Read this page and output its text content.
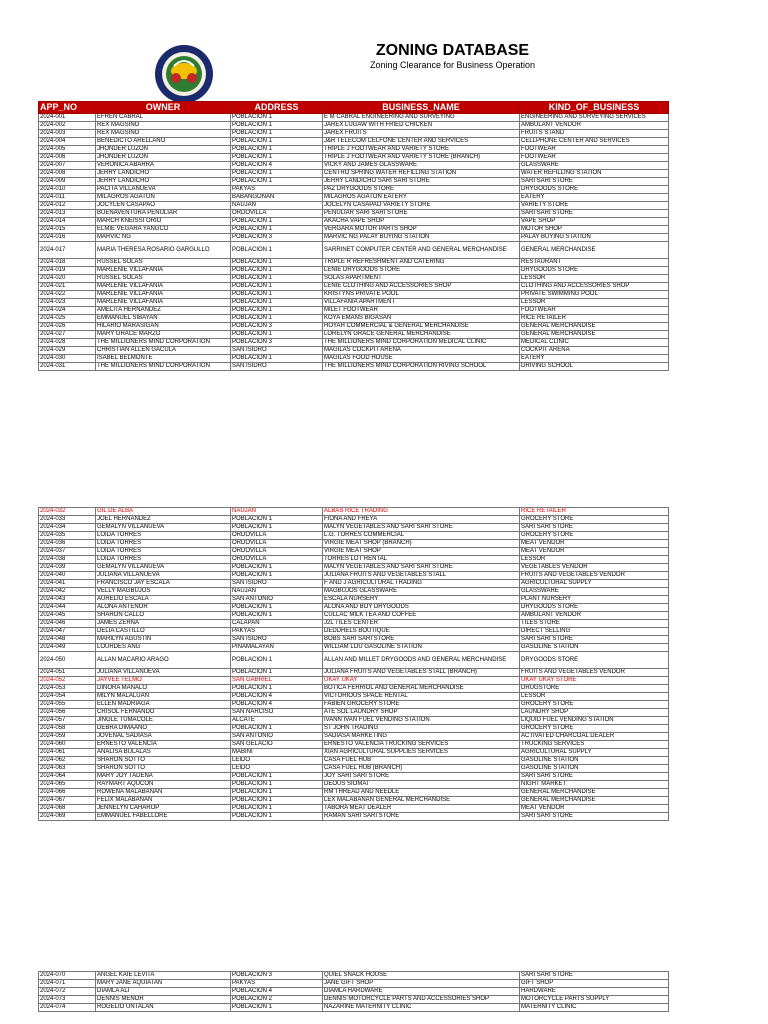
ZONING DATABASE
Zoning Clearance for Business Operation
APP_NO	OWNER	ADDRESS	BUSINESS_NAME	KIND_OF_BUSINESS
2024-001	EFREN CABRAL	POBLACION 1	E M CABRAL ENGINEERING AND SURVEYING	ENGINEERING AND SURVEYING SERVICES
2024-002	REX MAGSINO	POBLACION 1	JAREX LUGAW WITH FRIED CHICKEN	AMBULANT VENDOR
2024-003	REX MAGSINO	POBLACION 1	JAREX FRUITS	FRUITS STAND
2024-004	BENEDICTO ARELLANO	POBLACION 1	J&R TELECOM CELFONE CENTER AND SERVICES	CELLPHONE CENTER AND SERVICES
2024-005	JHONDER LUZON	POBLACION 1	TRIPLE J FOOTWEAR AND VARIETY STORE	FOOTWEAR
2024-006	JHONDER LUZON	POBLACION 1	TRIPLE J FOOTWEAR AND VARIETY STORE (BRANCH)	FOOTWEAR
2024-007	VERONICA ABARRA	POBLACION 4	VICKY AND JAMES GLASSWARE	GLASSWARE
2024-008	JERRY LANDICHO	POBLACION 1	CENTRO SPRING WATER REFILLING STATION	WATER REFILLING STATION
2024-009	JERRY LANDICHO	POBLACION 1	JERRY LANDICHO SARI SARI STORE	SARI SARI STORE
2024-010	PACITA VILLANUEVA	PAKYAS	PAZ DRYGOODS STORE	DRYGOODS STORE
2024-011	MILAGROS AGATON	BABANGONAN	MILAGROS AGATON EATERY	EATERY
2024-012	JOCYLEN CASAPAO	NAUJAN	JOCELYN CASAPAO VARIETY STORE	VARIETY STORE
2024-013	BUENAVENTURA PENULIAR	ORDOVILLA	PENULIAR SARI SARI STORE	SARI SARI STORE
2024-014	MARCH KNEISSI ORIO	POBLACION 1	AKACHA VAPE SHOP	VAPE SHOP
2024-015	ELMIE VEGARA YANGCO	POBLACION 1	VERGARA MOTOR PARTS SHOP	MOTOR SHOP
2024-016	MARVIC NG	POBLACION 3	MARVIC NG PALAY BUYING STATION	PALAY BUYING STATION
2024-017	MARIA THERESA ROSARIO GARGULLO	POBLACION 1	SARRINET COMPUTER CENTER AND GENERAL MERCHANDISE	GENERAL MERCHANDISE
2024-018	RUSSEL SOLAS	POBLACION 1	TRIPLE R REFRESHMENT AND CATERING	RESTAURANT
2024-019	MARLENIE VILLAFANIA	POBLACION 1	LENIE DRYGOODS STORE	DRYGOODS STORE
2024-020	RUSSEL SOLAS	POBLACION 1	SOLAS APARTMENT	LESSOR
2024-021	MARLENIE VILLAFANIA	POBLACION 1	LENIE CLOTHING AND ACCESSORIES SHOP	CLOTHING AND ACCESSORIES SHOP
2024-022	MARLENIE VILLAFANIA	POBLACION 1	KRISTYNS PRIVATE POOL	PRIVATE SWIMMING POOL
2024-023	MARLENIE VILLAFANIA	POBLACION 1	VILLAFANIA APARTMENT	LESSOR
2024-024	AMELITA HERNANDEZ	POBLACION 1	MILET FOOTWEAR	FOOTWEAR
2024-025	EMMANUEL SIBAYAN	POBLACION 1	KOYA EMANS BIGASAN	RICE RETAILER
2024-026	HILARIO MARASIGAN	POBLACION 3	HOYAH COMMERCIAL & GENERAL MERCHANDISE	GENERAL MERCHANDISE
2024-027	MARY GRACE MARZO	POBLACION 1	LORELYN GRACE GENERAL MERCHANDISE	GENERAL MERCHANDISE
2024-028	THE MILLIONERS MIND CORPORATION	POBLACION 3	THE MILLIONERS MIND CORPORATION MEDICAL CLINIC	MEDICAL CLINIC
2024-029	CHRISTIAN ALLEN GACULA	SAN ISIDRO	MAGILAS COCKPIT ARENA	COCKPIT ARENA
2024-030	ISABEL BELMONTE	POBLACION 1	MAGILAS FOOD HOUSE	EATERY
2024-031	THE MILLIONERS MIND CORPORATION	SAN ISIDRO	THE MILLIONERS MIND CORPORATION RIVING SCHOOL	DRIVING SCHOOL
2024-032	GIL DE ALBA	NAUJAN	ALBAS RICE TRADING	RICE RETAILER
2024-033	JOEL HERNANDEZ	POBLACION 1	FIONA AND FREYA	GROCERY STORE
2024-034	GEMALYN VILLANUEVA	POBLACION 1	MALYN VEGETABLES AND SARI SARI STORE	SARI SARI STORE
2024-035	LOIDA TORRES	ORDOVILLA	L.G. TORRES COMMERCIAL	GROCERY STORE
2024-036	LOIDA TORRES	ORDOVILLA	VIRGIE MEAT SHOP (BRANCH)	MEAT VENDOR
2024-037	LOIDA TORRES	ORDOVILLA	VIRGIE MEAT SHOP	MEAT VENDOR
2024-038	LOIDA TORRES	ORDOVILLA	TORRES LOT RENTAL	LESSOR
2024-039	GEMALYN VILLANUEVA	POBLACION 1	MALYN VEGETABLES AND SARI SARI STORE	VEGETABLES VENDOR
2024-040	JULIANA VILLANUEVA	POBLACION 1	JULIANA FRUITS AND VEGETABLES STALL	FRUITS AND VEGETABLES VENDOR
2024-041	FRANCISCO JAY ESCALA	SAN ISIDRO	F AND J AGRICULTURAL TRADING	AGRICULTURAL SUPPLY
2024-042	VELLY MAGBUJOS	NAUJAN	MAGBUJOS GLASSWARE	GLASSWARE
2024-043	AURELIO ESCALA	SAN ANTONIO	ESCALA NURSERY	PLANT NURSERY
2024-044	ALONA ANTENOR	POBLACION 1	ALONA AND BOY DRYGOODS	DRYGOODS STORE
2024-045	SHARON CALLO	POBLACION 1	CULLAC MILK TEA AND COFFEE	AMBULANT VENDOR
2024-046	JAMES ZERNA	CALAPAN	J2L TILES CENTER	TILES STORE
2024-047	DELIA CASTILLO	PAKYAS	DEDDHELS BOUTIQUE	DIRECT SELLING
2024-048	MARILYN AGUSTIN	SAN ISIDRO	BOBS SARI SARI STORE	SARI SARI STORE
2024-049	LOURDES ANG	PINAMALAYAN	WILLIAM LOU GASOLINE STATION	GASOLINE STATION
2024-050	ALLAN MACARIO ARAGO	POBLACION 1	ALLAN AND MILLET DRYGOODS AND GENERAL MERCHANDISE	DRYGOODS STORE
2024-051	JULIANA VILLANUEVA	POBLACION 1	JULIANA FRUITS AND VEGETABLES STALL (BRANCH)	FRUITS AND VEGETABLES VENDOR
2024-052	JAYVEE TELMO	SAN GABRIEL	UKAY UKAY	UKAY UKAY STORE
2024-053	DINORA MANALO	POBLACION 1	BOTICA FERRIOL AND GENERAL MERCHANDISE	DRUGSTORE
2024-054	MILYN MALALUAN	POBLACION 4	VICTORIOUS SPACE RENTAL	LESSOR
2024-055	ELLEN MADRIAGA	POBLACION 4	FABIEN GROCERY STORE	GROCERY STORE
2024-056	CRISOL FERNANDO	SAN NARCISO	ATE SOL LAUNDRY SHOP	LAUNDRY SHOP
2024-057	JINGLE TUMACOLE	ALCATE	IVANN IVAN FUEL VENDING STATION	LIQUID FUEL VENDING STATION
2024-058	DEBRA DIMAANO	POBLACION 1	ST JOHN TRADING	GROCERY STORE
2024-059	JOVENAL SADIASA	SAN ANTONIO	SADIASA MARKETING	ACTIVATED CHARCOAL DEALER
2024-060	ERNESTO VALENCIA	SAN GELACIO	ERNESTO VALENCIA TRUCKING SERVICES	TRUCKING SERVICES
2024-061	ANALISA BULALAS	MABINI	XIAN AGRICULTURAL SUPPLIES SERVICES	AGRICULTURAL SUPPLY
2024-062	SHARON SOTTO	LEIDO	CASA FUEL HUB	GASOLINE STATION
2024-063	SHARON SOTTO	LEIDO	CASA FUEL HUB (BRANCH)	GASOLINE STATION
2024-064	MARY JOY TADENA	POBLACION 1	JOY SARI SARI STORE	SARI SARI STORE
2024-065	RAYMART AQUCON	POBLACION 1	DEOUS SIOMAI	NIGHT MARKET
2024-066	ROWENA MALABANAN	POBLACION 1	RM THREAD AND NEEDLE	GENERAL MERCHANDISE
2024-067	FELIX MALABANAN	POBLACION 1	LEX MALABANAN GENERAL MERCHANDISE	GENERAL MERCHANDISE
2024-068	JENNELYN CAHAROP	POBLACION 1	TABORA MEAT DEALER	MEAT VENDOR
2024-069	EMMANUEL FABELLORE	POBLACION 1	RAMAN SARI SARI STORE	SARI SARI STORE
2024-070	ANGEL KAIE LEVITA	POBLACION 3	QUIEL SNACK HOUSE	SARI SARI STORE
2024-071	MARY JANE AQUIATAN	PAKYAS	JANE GIFT SHOP	GIFT SHOP
2024-072	DIAMLA ALI	POBLACION 4	DIAMLA HARDWARE	HARDWARE
2024-073	DENNIS MENOR	POBLACION 2	DENNIS MOTORCYCLE PARTS AND ACCESSORIES SHOP	MOTORCYCLE PARTS SUPPLY
2024-074	ROGELIO UNTALAN	POBLACION 1	NAZARINE MATERNITY CLINIC	MATERNITY CLINIC
